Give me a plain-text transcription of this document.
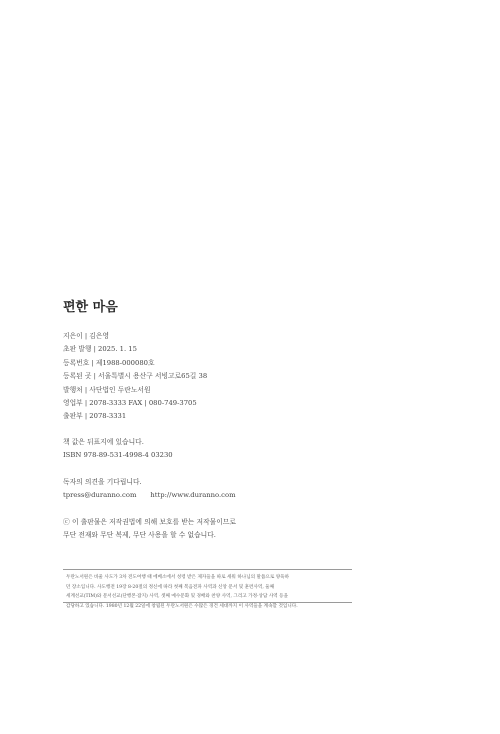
편한 마음
지은이 | 김은영
초판 발행 | 2025. 1. 15
등록번호 | 제1988-000080호
등록된 곳 | 서울특별시 용산구 서빙고로65길 38
발행처 | 사단법인 두란노서원
영업부 | 2078-3333 FAX | 080-749-3705
출판부 | 2078-3331
책 값은 뒤표지에 있습니다.
ISBN 978-89-531-4998-4 03230
독자의 의견을 기다립니다.
tpress@duranno.com http://www.duranno.com
ⓒ 이 출판물은 저작권법에 의해 보호를 받는 저작물이므로
무단 전재와 무단 복제, 무단 사용을 할 수 없습니다.
두란노서원은 바울 사도가 3차 전도여행 때 에베소에서 성령 받은 제자들을 따로 세워 하나님의 말씀으로 양육하
던 장소입니다. 사도행전 19장 8-20절의 정신에 따라 첫째 복음전파 사역과 신앙 문서 및 훈련사역, 둘째
세계선교(TIM)와 문서선교(단행본·잡지) 사역, 셋째 예수문화 및 경배와 찬양 사역, 그리고 가정·상담 사역 등을
감당하고 있습니다. 1980년 12월 22일에 창립된 두란노서원은 수많은 경건 세대까지 이 사역들을 계속할 것입니다.
